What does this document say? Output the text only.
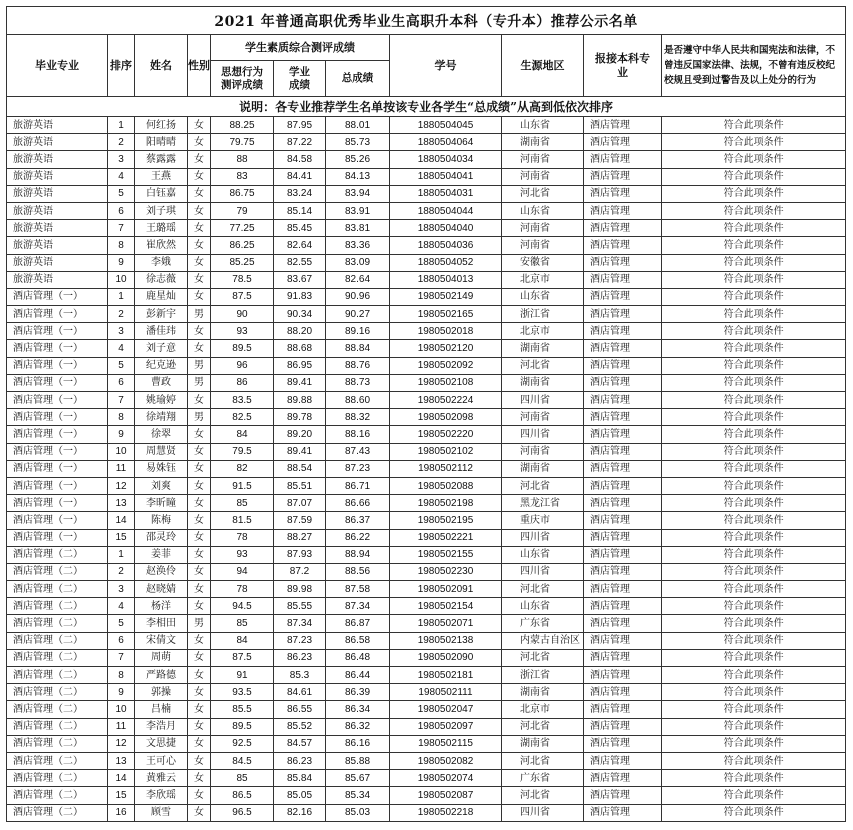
2021 年普通高职优秀毕业生高职升本科（专升本）推荐公示名单										
毕业专业	排序	姓名	性别	学生素质综合测评成绩			学号	生源地区	报接本科专业	是否遵守中华人民共和国宪法和法律，不曾违反国家法律、法规，不曾有违反校纪校规且受到过警告及以上处分的行为
				思想行为测评成绩	学业成绩	总成绩				
说明：各专业推荐学生名单按该专业各学生“总成绩”从高到低依次排序										
旅游英语	1	何红扬	女	88.25	87.95	88.01	1880504045	山东省	酒店管理	符合此项条件
旅游英语	2	阳晴晴	女	79.75	87.22	85.73	1880504064	湖南省	酒店管理	符合此项条件
旅游英语	3	蔡露露	女	88	84.58	85.26	1880504034	河南省	酒店管理	符合此项条件
旅游英语	4	王燕	女	83	84.41	84.13	1880504041	河南省	酒店管理	符合此项条件
旅游英语	5	白钰嘉	女	86.75	83.24	83.94	1880504031	河北省	酒店管理	符合此项条件
旅游英语	6	刘子琪	女	79	85.14	83.91	1880504044	山东省	酒店管理	符合此项条件
旅游英语	7	王璐瑶	女	77.25	85.45	83.81	1880504040	河南省	酒店管理	符合此项条件
旅游英语	8	崔欣然	女	86.25	82.64	83.36	1880504036	河南省	酒店管理	符合此项条件
旅游英语	9	李娥	女	85.25	82.55	83.09	1880504052	安徽省	酒店管理	符合此项条件
旅游英语	10	徐志薇	女	78.5	83.67	82.64	1880504013	北京市	酒店管理	符合此项条件
酒店管理（一）	1	鹿星灿	女	87.5	91.83	90.96	1980502149	山东省	酒店管理	符合此项条件
酒店管理（一）	2	彭新宇	男	90	90.34	90.27	1980502165	浙江省	酒店管理	符合此项条件
酒店管理（一）	3	潘佳玮	女	93	88.20	89.16	1980502018	北京市	酒店管理	符合此项条件
酒店管理（一）	4	刘子意	女	89.5	88.68	88.84	1980502120	湖南省	酒店管理	符合此项条件
酒店管理（一）	5	纪克逊	男	96	86.95	88.76	1980502092	河北省	酒店管理	符合此项条件
酒店管理（一）	6	曹政	男	86	89.41	88.73	1980502108	湖南省	酒店管理	符合此项条件
酒店管理（一）	7	姚瑜婷	女	83.5	89.88	88.60	1980502224	四川省	酒店管理	符合此项条件
酒店管理（一）	8	徐靖翔	男	82.5	89.78	88.32	1980502098	河南省	酒店管理	符合此项条件
酒店管理（一）	9	徐翠	女	84	89.20	88.16	1980502220	四川省	酒店管理	符合此项条件
酒店管理（一）	10	周慧贤	女	79.5	89.41	87.43	1980502102	河南省	酒店管理	符合此项条件
酒店管理（一）	11	易姝钰	女	82	88.54	87.23	1980502112	湖南省	酒店管理	符合此项条件
酒店管理（一）	12	刘爽	女	91.5	85.51	86.71	1980502088	河北省	酒店管理	符合此项条件
酒店管理（一）	13	李昕瞳	女	85	87.07	86.66	1980502198	黑龙江省	酒店管理	符合此项条件
酒店管理（一）	14	陈梅	女	81.5	87.59	86.37	1980502195	重庆市	酒店管理	符合此项条件
酒店管理（一）	15	邵灵玲	女	78	88.27	86.22	1980502221	四川省	酒店管理	符合此项条件
酒店管理（二）	1	姜菲	女	93	87.93	88.94	1980502155	山东省	酒店管理	符合此项条件
酒店管理（二）	2	赵涣伶	女	94	87.2	88.56	1980502230	四川省	酒店管理	符合此项条件
酒店管理（二）	3	赵晓婧	女	78	89.98	87.58	1980502091	河北省	酒店管理	符合此项条件
酒店管理（二）	4	杨洋	女	94.5	85.55	87.34	1980502154	山东省	酒店管理	符合此项条件
酒店管理（二）	5	李相田	男	85	87.34	86.87	1980502071	广东省	酒店管理	符合此项条件
酒店管理（二）	6	宋倩文	女	84	87.23	86.58	1980502138	内蒙古自治区	酒店管理	符合此项条件
酒店管理（二）	7	周萌	女	87.5	86.23	86.48	1980502090	河北省	酒店管理	符合此项条件
酒店管理（二）	8	严路德	女	91	85.3	86.44	1980502181	浙江省	酒店管理	符合此项条件
酒店管理（二）	9	郭操	女	93.5	84.61	86.39	1980502111	湖南省	酒店管理	符合此项条件
酒店管理（二）	10	吕楠	女	85.5	86.55	86.34	1980502047	北京市	酒店管理	符合此项条件
酒店管理（二）	11	李浩月	女	89.5	85.52	86.32	1980502097	河北省	酒店管理	符合此项条件
酒店管理（二）	12	文思捷	女	92.5	84.57	86.16	1980502115	湖南省	酒店管理	符合此项条件
酒店管理（二）	13	王可心	女	84.5	86.23	85.88	1980502082	河北省	酒店管理	符合此项条件
酒店管理（二）	14	黄雅云	女	85	85.84	85.67	1980502074	广东省	酒店管理	符合此项条件
酒店管理（二）	15	李欣瑶	女	86.5	85.05	85.34	1980502087	河北省	酒店管理	符合此项条件
酒店管理（二）	16	顾雪	女	96.5	82.16	85.03	1980502218	四川省	酒店管理	符合此项条件
